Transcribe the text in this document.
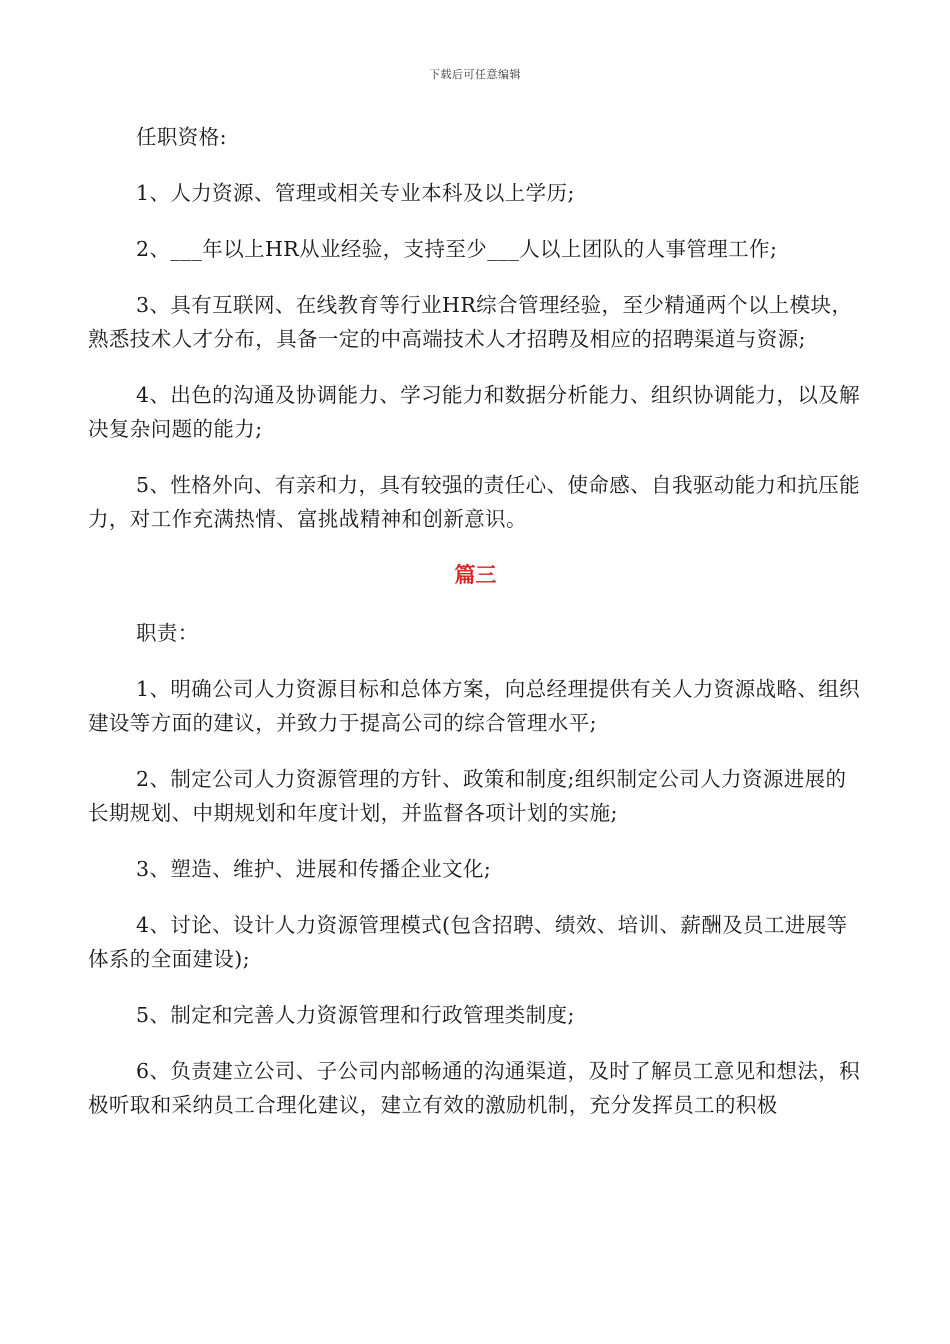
下载后可任意编辑

任职资格:

1、人力资源、管理或相关专业本科及以上学历;

2、___年以上HR从业经验，支持至少___人以上团队的人事管理工作;

3、具有互联网、在线教育等行业HR综合管理经验，至少精通两个以上模块，熟悉技术人才分布，具备一定的中高端技术人才招聘及相应的招聘渠道与资源;

4、出色的沟通及协调能力、学习能力和数据分析能力、组织协调能力，以及解决复杂问题的能力;

5、性格外向、有亲和力，具有较强的责任心、使命感、自我驱动能力和抗压能力，对工作充满热情、富挑战精神和创新意识。

篇三

职责：

1、明确公司人力资源目标和总体方案，向总经理提供有关人力资源战略、组织建设等方面的建议，并致力于提高公司的综合管理水平;

2、制定公司人力资源管理的方针、政策和制度;组织制定公司人力资源进展的长期规划、中期规划和年度计划，并监督各项计划的实施;

3、塑造、维护、进展和传播企业文化;

4、讨论、设计人力资源管理模式(包含招聘、绩效、培训、薪酬及员工进展等体系的全面建设);

5、制定和完善人力资源管理和行政管理类制度;

6、负责建立公司、子公司内部畅通的沟通渠道，及时了解员工意见和想法，积极听取和采纳员工合理化建议，建立有效的激励机制，充分发挥员工的积极
